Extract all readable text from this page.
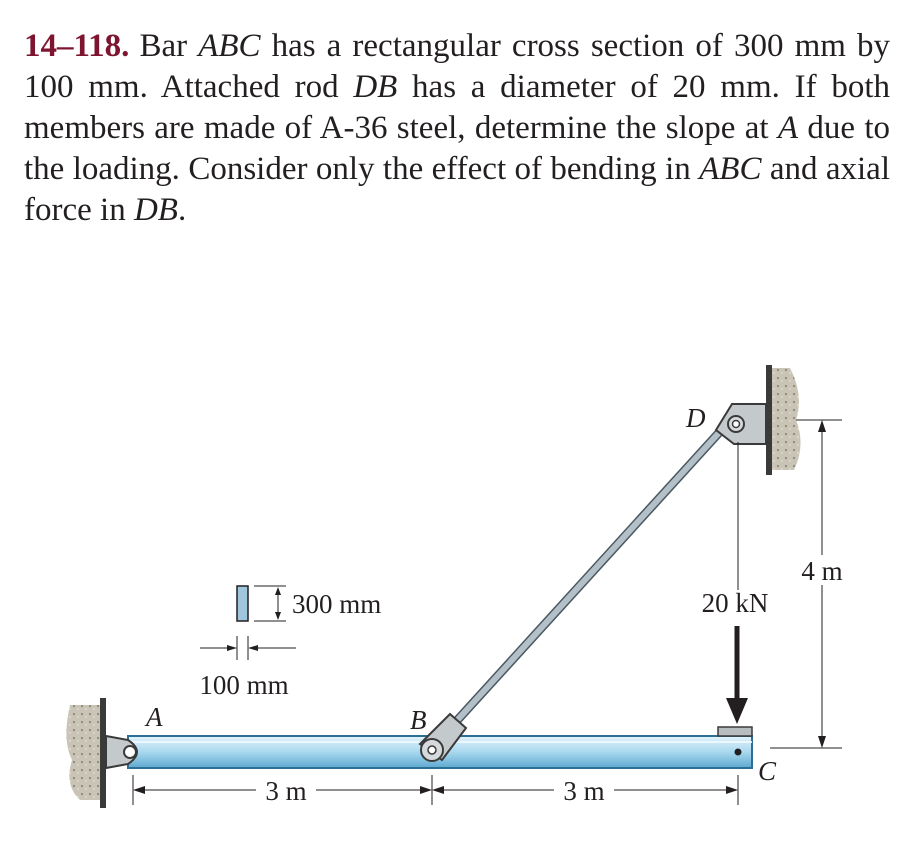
14–118. Bar ABC has a rectangular cross section of 300 mm by 100 mm. Attached rod DB has a diameter of 20 mm. If both members are made of A-36 steel, determine the slope at A due to the loading. Consider only the effect of bending in ABC and axial force in DB.
20 kN
4 m
3 m	3 m
300 mm
100 mm
A	B
C
D
